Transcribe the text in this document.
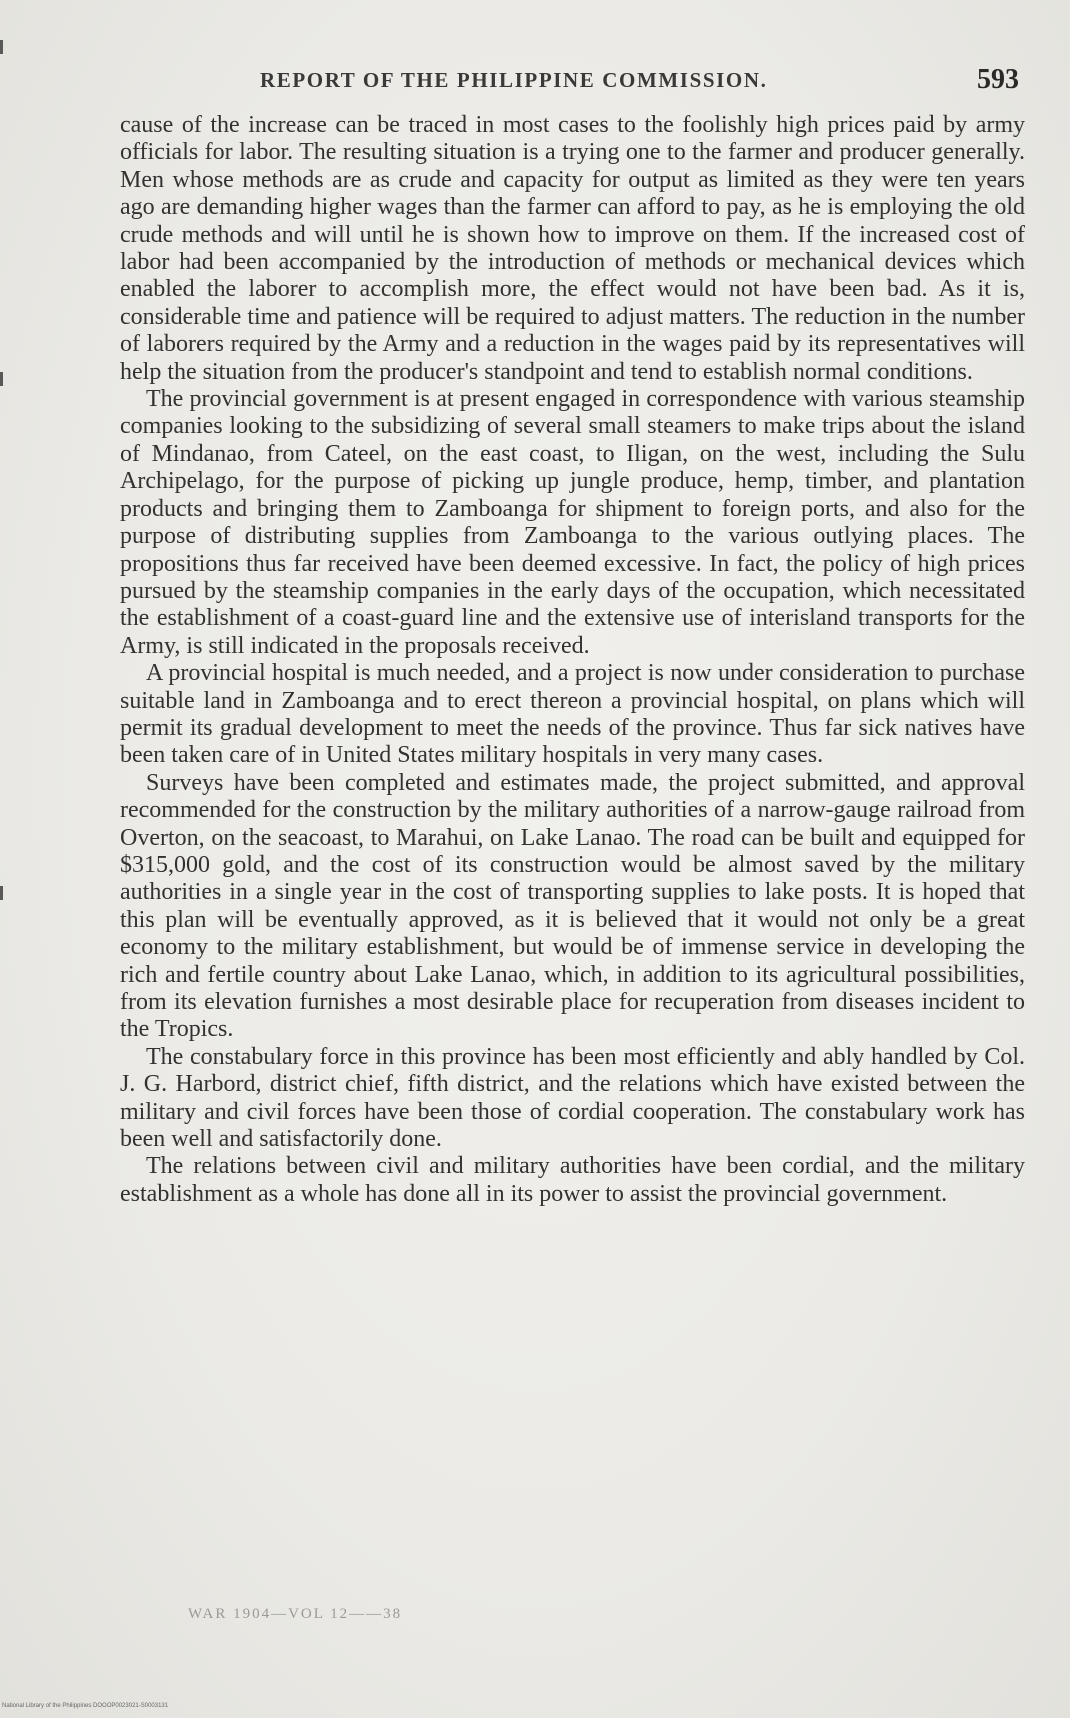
REPORT OF THE PHILIPPINE COMMISSION.	593

cause of the increase can be traced in most cases to the foolishly high prices paid by army officials for labor. The resulting situation is a trying one to the farmer and producer generally. Men whose methods are as crude and capacity for output as limited as they were ten years ago are demanding higher wages than the farmer can afford to pay, as he is employing the old crude methods and will until he is shown how to improve on them. If the increased cost of labor had been accompanied by the introduction of methods or mechanical devices which enabled the laborer to accomplish more, the effect would not have been bad. As it is, considerable time and patience will be required to adjust matters. The reduction in the number of laborers required by the Army and a reduction in the wages paid by its representatives will help the situation from the producer's standpoint and tend to establish normal conditions.

The provincial government is at present engaged in correspondence with various steamship companies looking to the subsidizing of several small steamers to make trips about the island of Mindanao, from Cateel, on the east coast, to Iligan, on the west, including the Sulu Archipelago, for the purpose of picking up jungle produce, hemp, timber, and plantation products and bringing them to Zamboanga for shipment to foreign ports, and also for the purpose of distributing supplies from Zamboanga to the various outlying places. The propositions thus far received have been deemed excessive. In fact, the policy of high prices pursued by the steamship companies in the early days of the occupation, which necessitated the establishment of a coast-guard line and the extensive use of interisland transports for the Army, is still indicated in the proposals received.

A provincial hospital is much needed, and a project is now under consideration to purchase suitable land in Zamboanga and to erect thereon a provincial hospital, on plans which will permit its gradual development to meet the needs of the province. Thus far sick natives have been taken care of in United States military hospitals in very many cases.

Surveys have been completed and estimates made, the project submitted, and approval recommended for the construction by the military authorities of a narrow-gauge railroad from Overton, on the seacoast, to Marahui, on Lake Lanao. The road can be built and equipped for $315,000 gold, and the cost of its construction would be almost saved by the military authorities in a single year in the cost of transporting supplies to lake posts. It is hoped that this plan will be eventually approved, as it is believed that it would not only be a great economy to the military establishment, but would be of immense service in developing the rich and fertile country about Lake Lanao, which, in addition to its agricultural possibilities, from its elevation furnishes a most desirable place for recuperation from diseases incident to the Tropics.

The constabulary force in this province has been most efficiently and ably handled by Col. J. G. Harbord, district chief, fifth district, and the relations which have existed between the military and civil forces have been those of cordial cooperation. The constabulary work has been well and satisfactorily done.

The relations between civil and military authorities have been cordial, and the military establishment as a whole has done all in its power to assist the provincial government.

WAR 1904—VOL 12——38
National Library of the Philippines DOOOP0023021-S0003131
